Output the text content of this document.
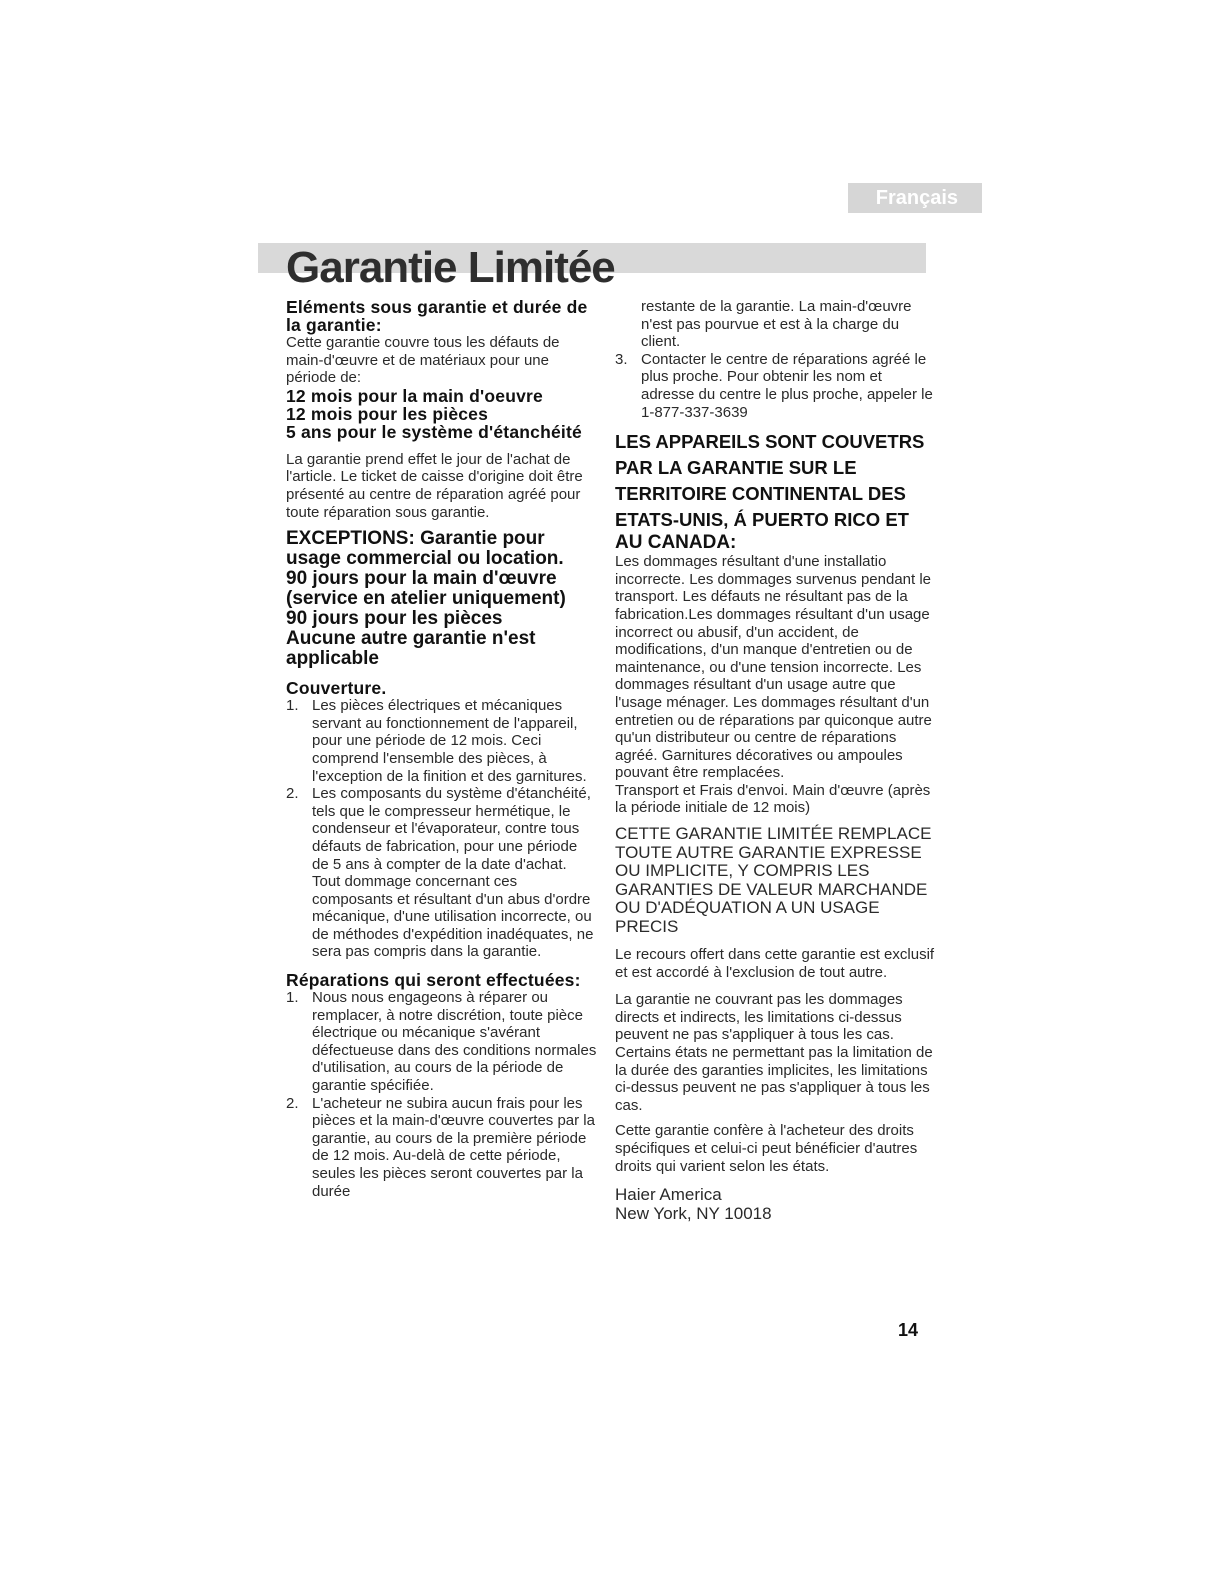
Français
Garantie Limitée

Eléments sous garantie et durée de la garantie:

Cette garantie couvre tous les défauts de main-d'œuvre et de matériaux pour une période de:

12 mois pour la main d'oeuvre

12 mois pour les pièces

5 ans pour le système d'étanchéité

La garantie prend effet le jour de l'achat de l'article. Le ticket de caisse d'origine doit être présenté au centre de réparation agréé pour toute réparation sous garantie.

EXCEPTIONS: Garantie pour usage commercial ou location.

90 jours pour la main d'œuvre (service en atelier uniquement)

90 jours pour les pièces

Aucune autre garantie n'est applicable

Couverture.

1. Les pièces électriques et mécaniques servant au fonctionnement de l'appareil, pour une période de 12 mois. Ceci comprend l'ensemble des pièces, à l'exception de la finition et des garnitures.
2. Les composants du système d'étanchéité, tels que le compresseur hermétique, le condenseur et l'évaporateur, contre tous défauts de fabrication, pour une période de 5 ans à compter de la date d'achat. Tout dommage concernant ces composants et résultant d'un abus d'ordre mécanique, d'une utilisation incorrecte, ou de méthodes d'expédition inadéquates, ne sera pas compris dans la garantie.

Réparations qui seront effectuées:

1. Nous nous engageons à réparer ou remplacer, à notre discrétion, toute pièce électrique ou mécanique s'avérant défectueuse dans des conditions normales d'utilisation, au cours de la période de garantie spécifiée.
2. L'acheteur ne subira aucun frais pour les pièces et la main-d'œuvre couvertes par la garantie, au cours de la première période de 12 mois. Au-delà de cette période, seules les pièces seront couvertes par la durée

restante de la garantie. La main-d'œuvre n'est pas pourvue et est à la charge du client.

3. Contacter le centre de réparations agréé le plus proche. Pour obtenir les nom et adresse du centre le plus proche, appeler le 1-877-337-3639

LES APPAREILS SONT COUVETRS PAR LA GARANTIE SUR LE TERRITOIRE CONTINENTAL DES ETATS-UNIS, Á PUERTO RICO ET

AU CANADA:

Les dommages résultant d'une installatio incorrecte. Les dommages survenus pendant le transport. Les défauts ne résultant pas de la fabrication.Les dommages résultant d'un usage incorrect ou abusif, d'un accident, de modifications, d'un manque d'entretien ou de maintenance, ou d'une tension incorrecte. Les dommages résultant d'un usage autre que l'usage ménager. Les dommages résultant d'un entretien ou de réparations par quiconque autre qu'un distributeur ou centre de réparations agréé. Garnitures décoratives ou ampoules pouvant être remplacées.

Transport et Frais d'envoi. Main d'œuvre (après la période initiale de 12 mois)

CETTE GARANTIE LIMITÉE REMPLACE TOUTE AUTRE GARANTIE EXPRESSE OU IMPLICITE, Y COMPRIS LES GARANTIES DE VALEUR MARCHANDE OU D'ADÉQUATION A UN USAGE PRECIS

Le recours offert dans cette garantie est exclusif et est accordé à l'exclusion de tout autre.

La garantie ne couvrant pas les dommages directs et indirects, les limitations ci-dessus peuvent ne pas s'appliquer à tous les cas. Certains états ne permettant pas la limitation de la durée des garanties implicites, les limitations ci-dessus peuvent ne pas s'appliquer à tous les cas.

Cette garantie confère à l'acheteur des droits spécifiques et celui-ci peut bénéficier d'autres droits qui varient selon les états.

Haier America

New York, NY 10018

14
